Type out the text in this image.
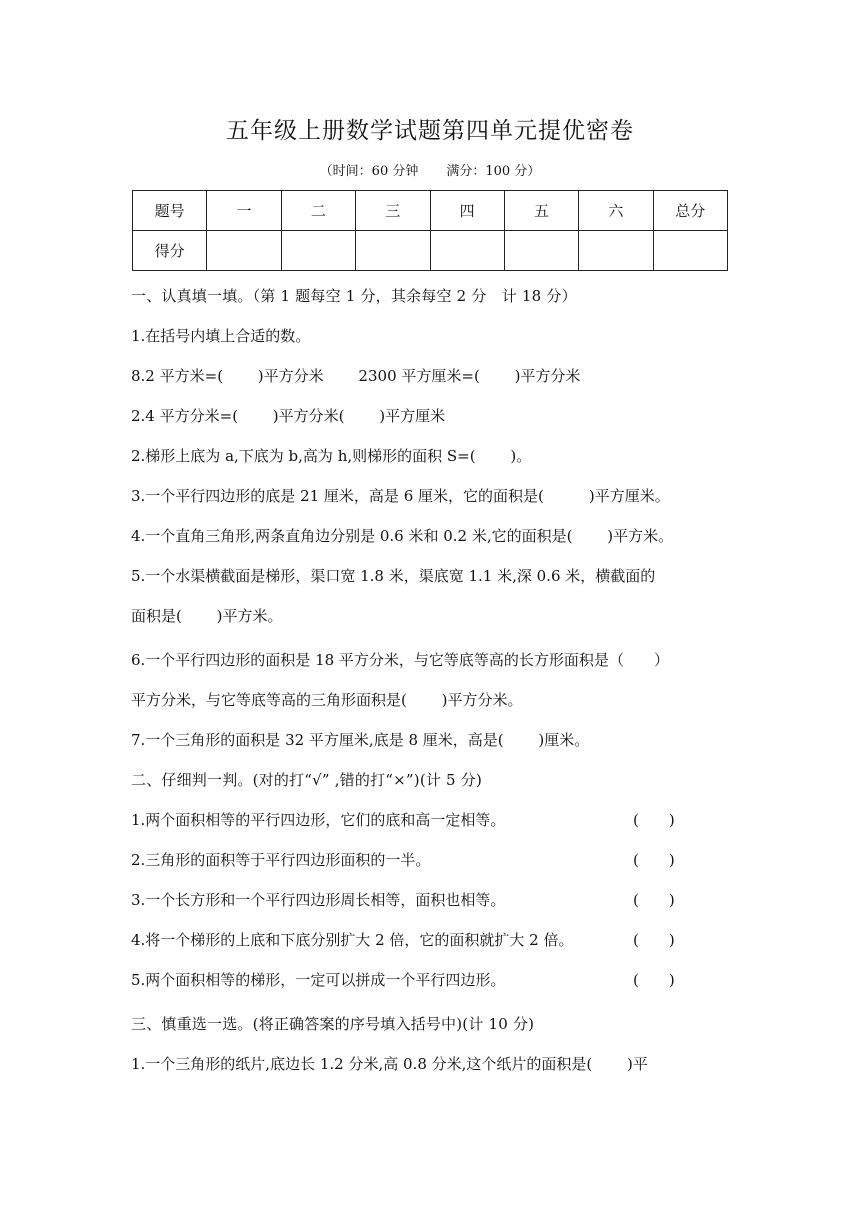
五年级上册数学试题第四单元提优密卷
（时间：60 分钟 满分：100 分）
题号	一	二	三	四	五	六	总分
得分							
一、认真填一填。（第 1 题每空 1 分，其余每空 2 分　计 18 分）
1.在括号内填上合适的数。
8.2 平方米=(　　 )平方分米　　 2300 平方厘米=(　　 )平方分米
2.4 平方分米=(　　 )平方分米(　　 )平方厘米
2.梯形上底为 a,下底为 b,高为 h,则梯形的面积 S=(　　 )。
3.一个平行四边形的底是 21 厘米，高是 6 厘米，它的面积是(　　　)平方厘米。
4.一个直角三角形,两条直角边分别是 0.6 米和 0.2 米,它的面积是(　　 )平方米。
5.一个水渠横截面是梯形，渠口宽 1.8 米，渠底宽 1.1 米,深 0.6 米，横截面的
面积是(　　 )平方米。
6.一个平行四边形的面积是 18 平方分米，与它等底等高的长方形面积是（　　）
平方分米，与它等底等高的三角形面积是(　　 )平方分米。
7.一个三角形的面积是 32 平方厘米,底是 8 厘米，高是(　　 )厘米。
二、仔细判一判。(对的打“√” ,错的打“×”)(计 5 分)
1.两个面积相等的平行四边形，它们的底和高一定相等。	(　　)
2.三角形的面积等于平行四边形面积的一半。	(　　)
3.一个长方形和一个平行四边形周长相等，面积也相等。	(　　)
4.将一个梯形的上底和下底分别扩大 2 倍，它的面积就扩大 2 倍。	(　　)
5.两个面积相等的梯形，一定可以拼成一个平行四边形。	(　　)
三、慎重选一选。(将正确答案的序号填入括号中)(计 10 分)
1.一个三角形的纸片,底边长 1.2 分米,高 0.8 分米,这个纸片的面积是(　　 )平
